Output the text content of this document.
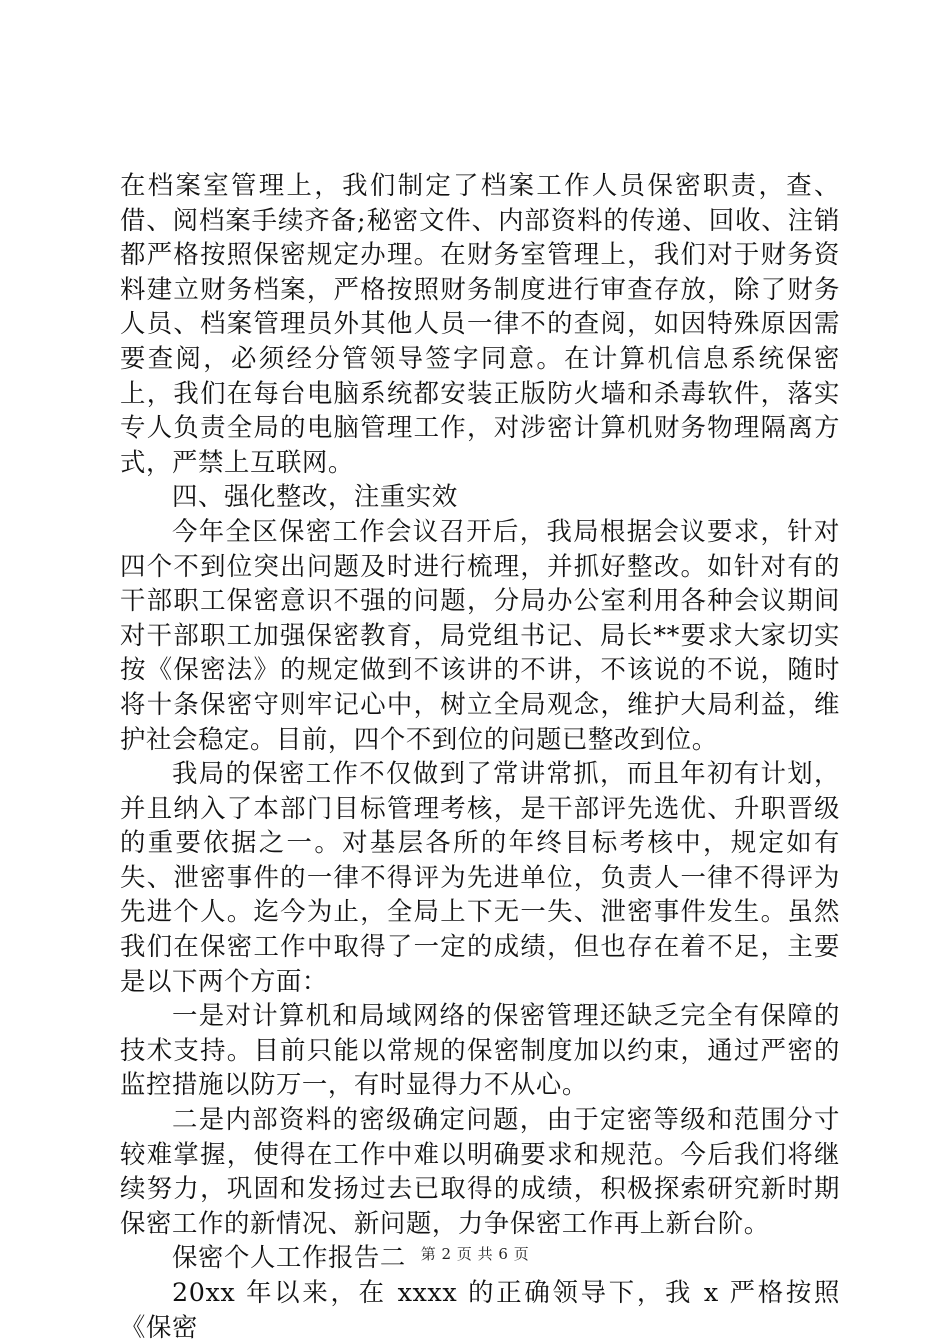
在档案室管理上，我们制定了档案工作人员保密职责，查、借、阅档案手续齐备;秘密文件、内部资料的传递、回收、注销都严格按照保密规定办理。在财务室管理上，我们对于财务资料建立财务档案，严格按照财务制度进行审查存放，除了财务人员、档案管理员外其他人员一律不的查阅，如因特殊原因需要查阅，必须经分管领导签字同意。在计算机信息系统保密上，我们在每台电脑系统都安装正版防火墙和杀毒软件，落实专人负责全局的电脑管理工作，对涉密计算机财务物理隔离方式，严禁上互联网。

四、强化整改，注重实效

今年全区保密工作会议召开后，我局根据会议要求，针对四个不到位突出问题及时进行梳理，并抓好整改。如针对有的干部职工保密意识不强的问题，分局办公室利用各种会议期间对干部职工加强保密教育，局党组书记、局长**要求大家切实按《保密法》的规定做到不该讲的不讲，不该说的不说，随时将十条保密守则牢记心中，树立全局观念，维护大局利益，维护社会稳定。目前，四个不到位的问题已整改到位。

我局的保密工作不仅做到了常讲常抓，而且年初有计划，并且纳入了本部门目标管理考核，是干部评先选优、升职晋级的重要依据之一。对基层各所的年终目标考核中，规定如有失、泄密事件的一律不得评为先进单位，负责人一律不得评为先进个人。迄今为止，全局上下无一失、泄密事件发生。虽然我们在保密工作中取得了一定的成绩，但也存在着不足，主要是以下两个方面：

一是对计算机和局域网络的保密管理还缺乏完全有保障的技术支持。目前只能以常规的保密制度加以约束，通过严密的监控措施以防万一，有时显得力不从心。

二是内部资料的密级确定问题，由于定密等级和范围分寸较难掌握，使得在工作中难以明确要求和规范。今后我们将继续努力，巩固和发扬过去已取得的成绩，积极探索研究新时期保密工作的新情况、新问题，力争保密工作再上新台阶。

保密个人工作报告二

20xx 年以来，在 xxxx 的正确领导下，我 x 严格按照《保密

第 2 页 共 6 页
